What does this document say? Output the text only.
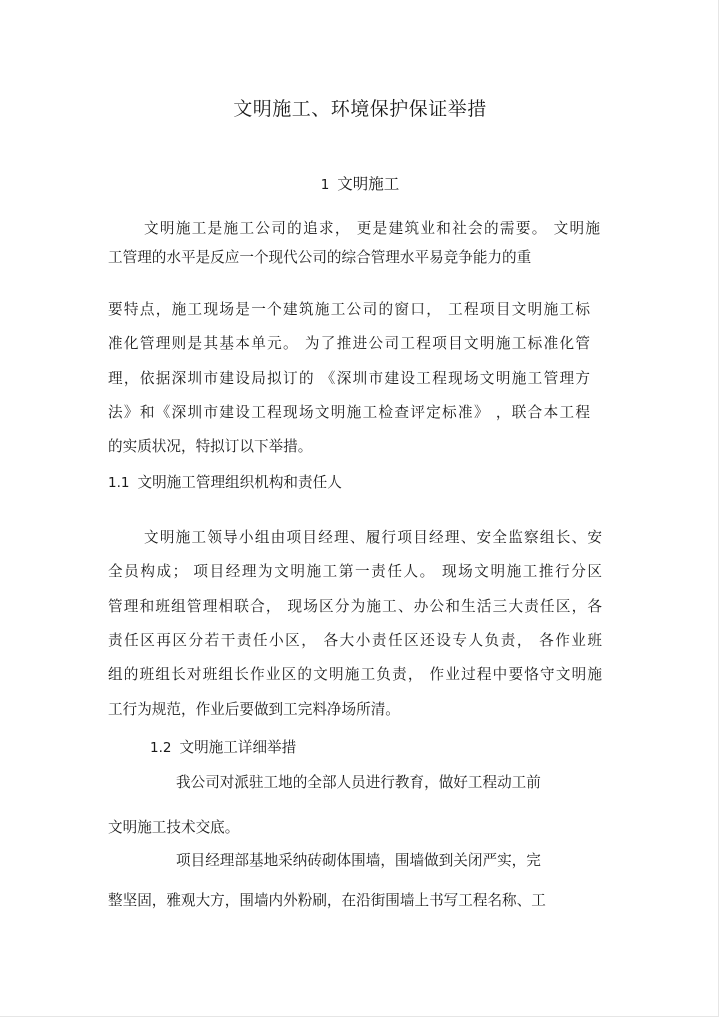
文明施工、环境保护保证举措
1 文明施工
文明施工是施工公司的追求， 更是建筑业和社会的需要。 文明施
工管理的水平是反应一个现代公司的综合管理水平易竞争能力的重
要特点，施工现场是一个建筑施工公司的窗口， 工程项目文明施工标
准化管理则是其基本单元。 为了推进公司工程项目文明施工标准化管
理，依据深圳市建设局拟订的 《深圳市建设工程现场文明施工管理方
法》和《深圳市建设工程现场文明施工检查评定标准》 ，联合本工程
的实质状况，特拟订以下举措。
1.1 文明施工管理组织机构和责任人
文明施工领导小组由项目经理、履行项目经理、安全监察组长、安
全员构成； 项目经理为文明施工第一责任人。 现场文明施工推行分区
管理和班组管理相联合， 现场区分为施工、办公和生活三大责任区，各
责任区再区分若干责任小区， 各大小责任区还设专人负责， 各作业班
组的班组长对班组长作业区的文明施工负责， 作业过程中要恪守文明施
工行为规范，作业后要做到工完料净场所清。
1.2 文明施工详细举措
我公司对派驻工地的全部人员进行教育，做好工程动工前
文明施工技术交底。
项目经理部基地采纳砖砌体围墙，围墙做到关闭严实，完
整坚固，雅观大方，围墙内外粉刷，在沿街围墙上书写工程名称、工
